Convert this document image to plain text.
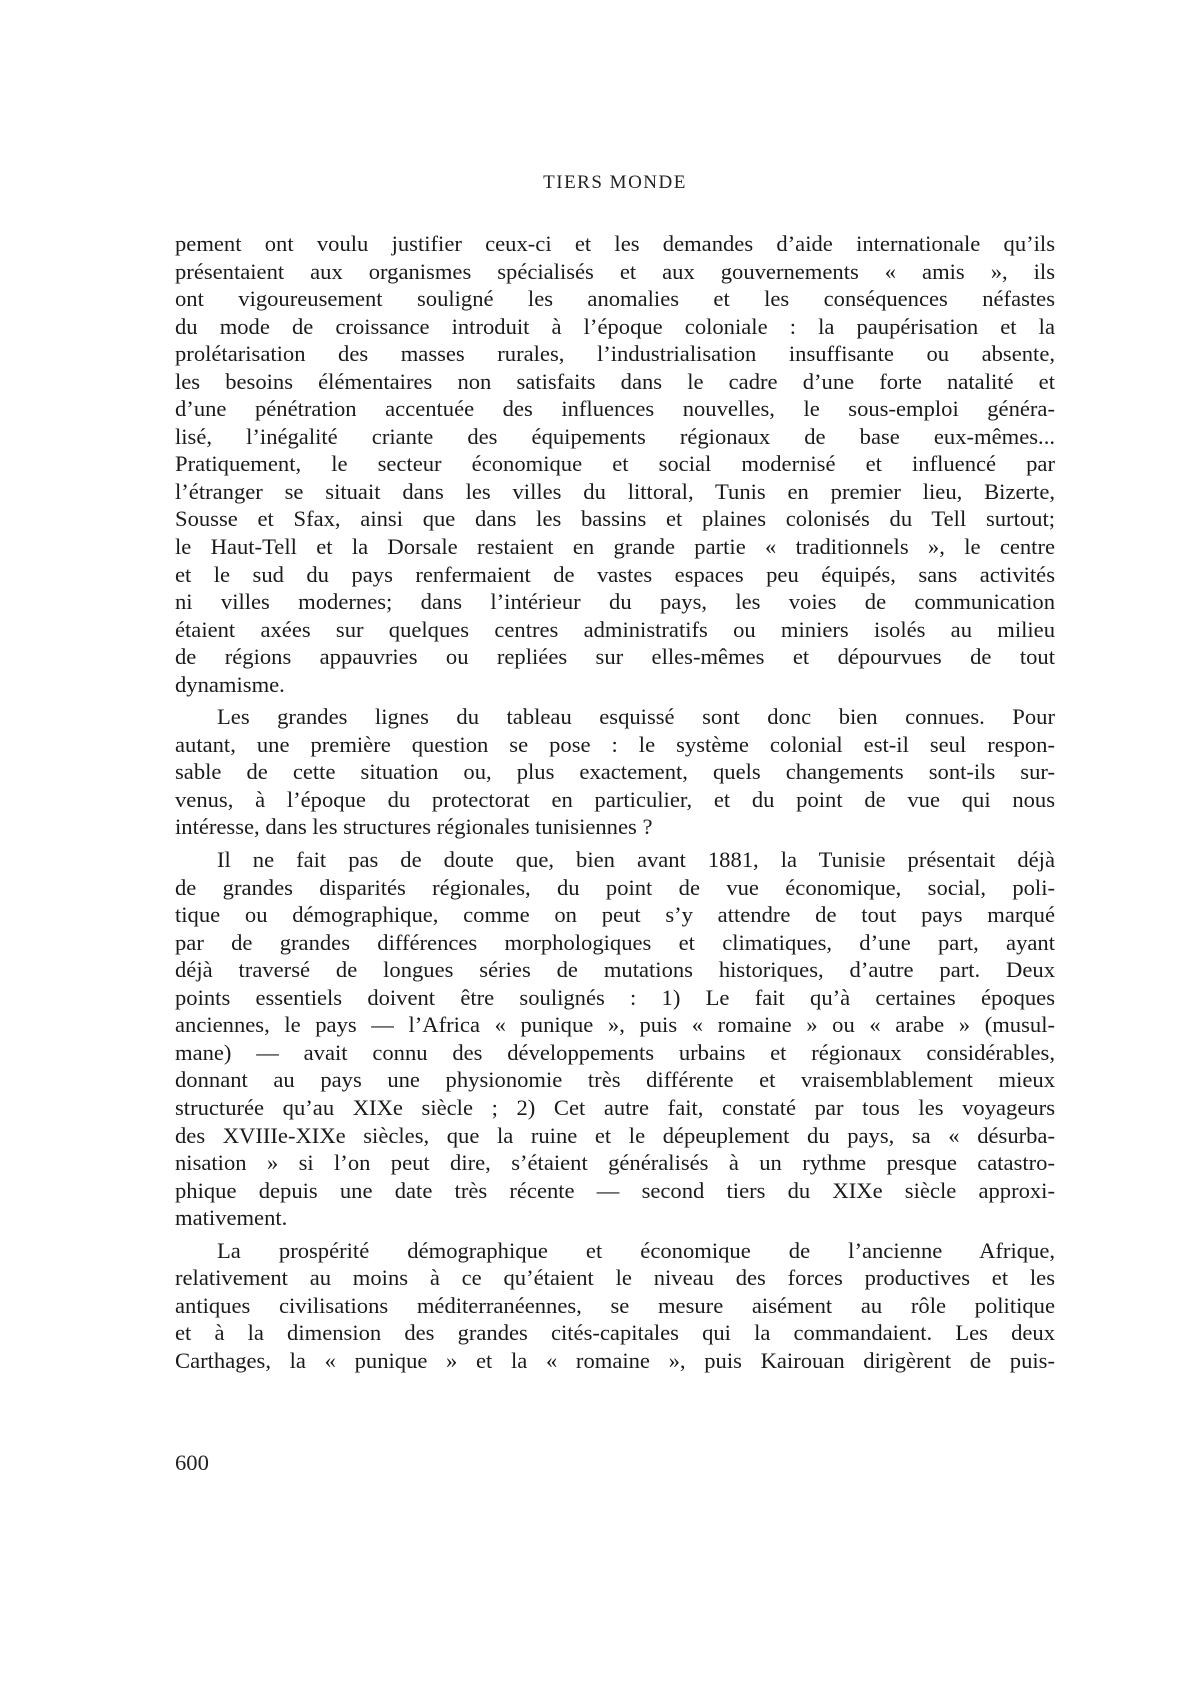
TIERS MONDE

pement ont voulu justifier ceux-ci et les demandes d’aide internationale qu’ils

présentaient aux organismes spécialisés et aux gouvernements « amis », ils

ont vigoureusement souligné les anomalies et les conséquences néfastes

du mode de croissance introduit à l’époque coloniale : la paupérisation et la

prolétarisation des masses rurales, l’industrialisation insuffisante ou absente,

les besoins élémentaires non satisfaits dans le cadre d’une forte natalité et

d’une pénétration accentuée des influences nouvelles, le sous-emploi généra-

lisé, l’inégalité criante des équipements régionaux de base eux-mêmes...

Pratiquement, le secteur économique et social modernisé et influencé par

l’étranger se situait dans les villes du littoral, Tunis en premier lieu, Bizerte,

Sousse et Sfax, ainsi que dans les bassins et plaines colonisés du Tell surtout;

le Haut-Tell et la Dorsale restaient en grande partie « traditionnels », le centre

et le sud du pays renfermaient de vastes espaces peu équipés, sans activités

ni villes modernes; dans l’intérieur du pays, les voies de communication

étaient axées sur quelques centres administratifs ou miniers isolés au milieu

de régions appauvries ou repliées sur elles-mêmes et dépourvues de tout

dynamisme.

Les grandes lignes du tableau esquissé sont donc bien connues. Pour

autant, une première question se pose : le système colonial est-il seul respon-

sable de cette situation ou, plus exactement, quels changements sont-ils sur-

venus, à l’époque du protectorat en particulier, et du point de vue qui nous

intéresse, dans les structures régionales tunisiennes ?

Il ne fait pas de doute que, bien avant 1881, la Tunisie présentait déjà

de grandes disparités régionales, du point de vue économique, social, poli-

tique ou démographique, comme on peut s’y attendre de tout pays marqué

par de grandes différences morphologiques et climatiques, d’une part, ayant

déjà traversé de longues séries de mutations historiques, d’autre part. Deux

points essentiels doivent être soulignés : 1) Le fait qu’à certaines époques

anciennes, le pays — l’Africa « punique », puis « romaine » ou « arabe » (musul-

mane) — avait connu des développements urbains et régionaux considérables,

donnant au pays une physionomie très différente et vraisemblablement mieux

structurée qu’au XIXe siècle ; 2) Cet autre fait, constaté par tous les voyageurs

des XVIIIe-XIXe siècles, que la ruine et le dépeuplement du pays, sa « désurba-

nisation » si l’on peut dire, s’étaient généralisés à un rythme presque catastro-

phique depuis une date très récente — second tiers du XIXe siècle approxi-

mativement.

La prospérité démographique et économique de l’ancienne Afrique,

relativement au moins à ce qu’étaient le niveau des forces productives et les

antiques civilisations méditerranéennes, se mesure aisément au rôle politique

et à la dimension des grandes cités-capitales qui la commandaient. Les deux

Carthages, la « punique » et la « romaine », puis Kairouan dirigèrent de puis-

600
